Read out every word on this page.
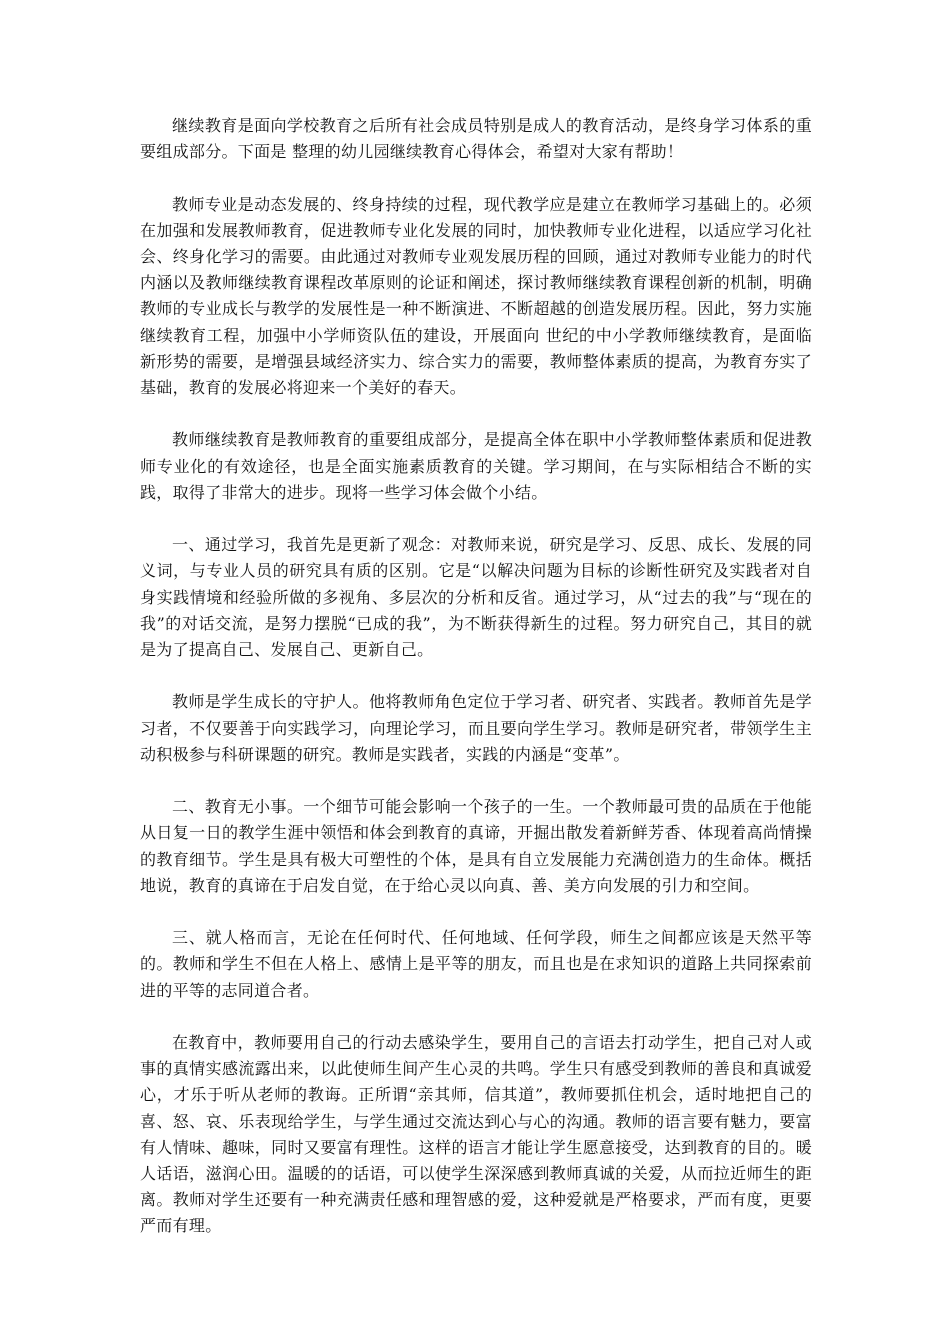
继续教育是面向学校教育之后所有社会成员特别是成人的教育活动，是终身学习体系的重要组成部分。下面是 整理的幼儿园继续教育心得体会，希望对大家有帮助！

教师专业是动态发展的、终身持续的过程，现代教学应是建立在教师学习基础上的。必须在加强和发展教师教育，促进教师专业化发展的同时，加快教师专业化进程，以适应学习化社会、终身化学习的需要。由此通过对教师专业观发展历程的回顾，通过对教师专业能力的时代内涵以及教师继续教育课程改革原则的论证和阐述，探讨教师继续教育课程创新的机制，明确教师的专业成长与教学的发展性是一种不断演进、不断超越的创造发展历程。因此，努力实施继续教育工程，加强中小学师资队伍的建设，开展面向 世纪的中小学教师继续教育，是面临新形势的需要，是增强县域经济实力、综合实力的需要，教师整体素质的提高，为教育夯实了基础，教育的发展必将迎来一个美好的春天。

教师继续教育是教师教育的重要组成部分，是提高全体在职中小学教师整体素质和促进教师专业化的有效途径，也是全面实施素质教育的关键。学习期间，在与实际相结合不断的实践，取得了非常大的进步。现将一些学习体会做个小结。

一、通过学习，我首先是更新了观念：对教师来说，研究是学习、反思、成长、发展的同义词，与专业人员的研究具有质的区别。它是“以解决问题为目标的诊断性研究及实践者对自身实践情境和经验所做的多视角、多层次的分析和反省。通过学习，从“过去的我”与“现在的我”的对话交流，是努力摆脱“已成的我”，为不断获得新生的过程。努力研究自己，其目的就是为了提高自己、发展自己、更新自己。

教师是学生成长的守护人。他将教师角色定位于学习者、研究者、实践者。教师首先是学习者，不仅要善于向实践学习，向理论学习，而且要向学生学习。教师是研究者，带领学生主动积极参与科研课题的研究。教师是实践者，实践的内涵是“变革”。

二、教育无小事。一个细节可能会影响一个孩子的一生。一个教师最可贵的品质在于他能从日复一日的教学生涯中领悟和体会到教育的真谛，开掘出散发着新鲜芳香、体现着高尚情操的教育细节。学生是具有极大可塑性的个体，是具有自立发展能力充满创造力的生命体。概括地说，教育的真谛在于启发自觉，在于给心灵以向真、善、美方向发展的引力和空间。

三、就人格而言，无论在任何时代、任何地域、任何学段，师生之间都应该是天然平等的。教师和学生不但在人格上、感情上是平等的朋友，而且也是在求知识的道路上共同探索前进的平等的志同道合者。

在教育中，教师要用自己的行动去感染学生，要用自己的言语去打动学生，把自己对人或事的真情实感流露出来，以此使师生间产生心灵的共鸣。学生只有感受到教师的善良和真诚爱心，才乐于听从老师的教诲。正所谓“亲其师，信其道”，教师要抓住机会，适时地把自己的喜、怒、哀、乐表现给学生，与学生通过交流达到心与心的沟通。教师的语言要有魅力，要富有人情味、趣味，同时又要富有理性。这样的语言才能让学生愿意接受，达到教育的目的。暖人话语，滋润心田。温暖的的话语，可以使学生深深感到教师真诚的关爱，从而拉近师生的距离。教师对学生还要有一种充满责任感和理智感的爱，这种爱就是严格要求，严而有度，更要严而有理。
